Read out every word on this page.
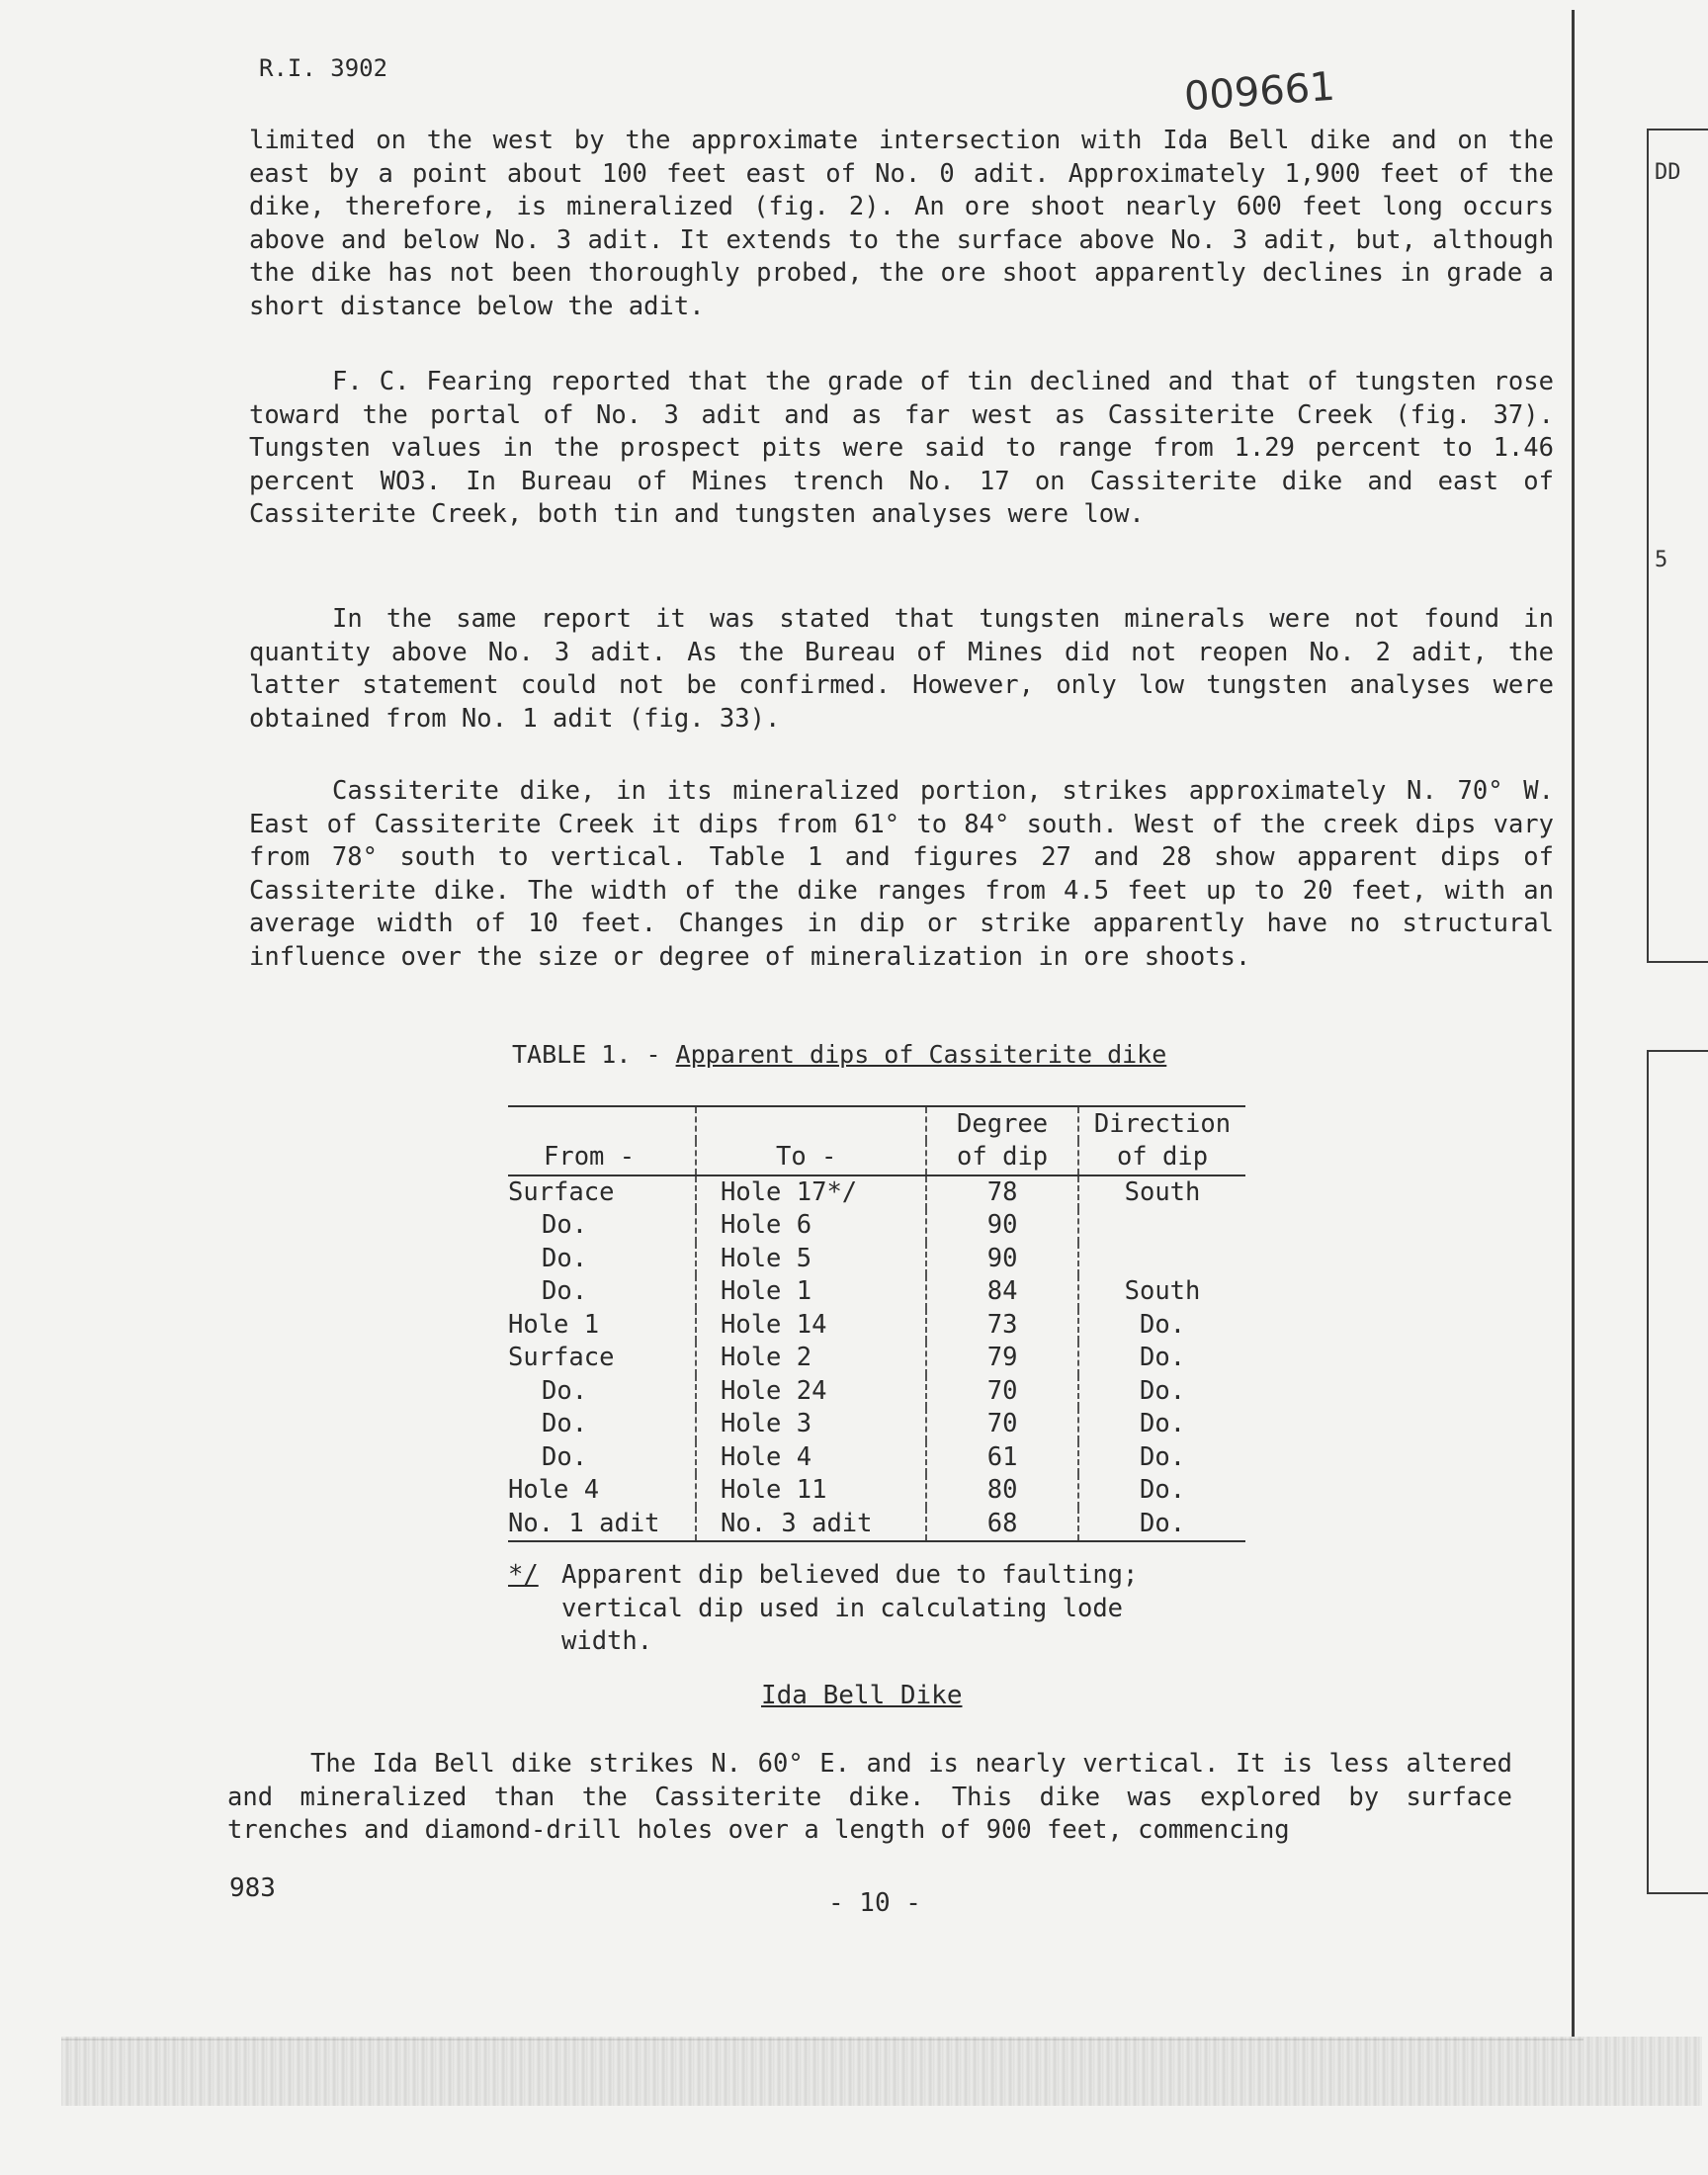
DD
5
R.I. 3902	009661

limited on the west by the approximate intersection with Ida Bell dike and on the east by a point about 100 feet east of No. 0 adit. Approximately 1,900 feet of the dike, therefore, is mineralized (fig. 2). An ore shoot nearly 600 feet long occurs above and below No. 3 adit. It extends to the surface above No. 3 adit, but, although the dike has not been thoroughly probed, the ore shoot apparently declines in grade a short distance below the adit.

F. C. Fearing reported that the grade of tin declined and that of tungsten rose toward the portal of No. 3 adit and as far west as Cassiterite Creek (fig. 37). Tungsten values in the prospect pits were said to range from 1.29 percent to 1.46 percent WO3. In Bureau of Mines trench No. 17 on Cassiterite dike and east of Cassiterite Creek, both tin and tungsten analyses were low.

In the same report it was stated that tungsten minerals were not found in quantity above No. 3 adit. As the Bureau of Mines did not reopen No. 2 adit, the latter statement could not be confirmed. However, only low tungsten analyses were obtained from No. 1 adit (fig. 33).

Cassiterite dike, in its mineralized portion, strikes approximately N. 70° W. East of Cassiterite Creek it dips from 61° to 84° south. West of the creek dips vary from 78° south to vertical. Table 1 and figures 27 and 28 show apparent dips of Cassiterite dike. The width of the dike ranges from 4.5 feet up to 20 feet, with an average width of 10 feet. Changes in dip or strike apparently have no structural influence over the size or degree of mineralization in ore shoots.

TABLE 1. - Apparent dips of Cassiterite dike
		Degree	Direction
From -	To -	of dip	of dip
Surface	Hole 17*/	78	South
Do.	Hole 6	90	
Do.	Hole 5	90	
Do.	Hole 1	84	South
Hole 1	Hole 14	73	Do.
Surface	Hole 2	79	Do.
Do.	Hole 24	70	Do.
Do.	Hole 3	70	Do.
Do.	Hole 4	61	Do.
Hole 4	Hole 11	80	Do.
No. 1 adit	No. 3 adit	68	Do.
*/ Apparent dip believed due to faulting; vertical dip used in calculating lode width.
Ida Bell Dike

The Ida Bell dike strikes N. 60° E. and is nearly vertical. It is less altered and mineralized than the Cassiterite dike. This dike was explored by surface trenches and diamond-drill holes over a length of 900 feet, commencing

983	- 10 -
